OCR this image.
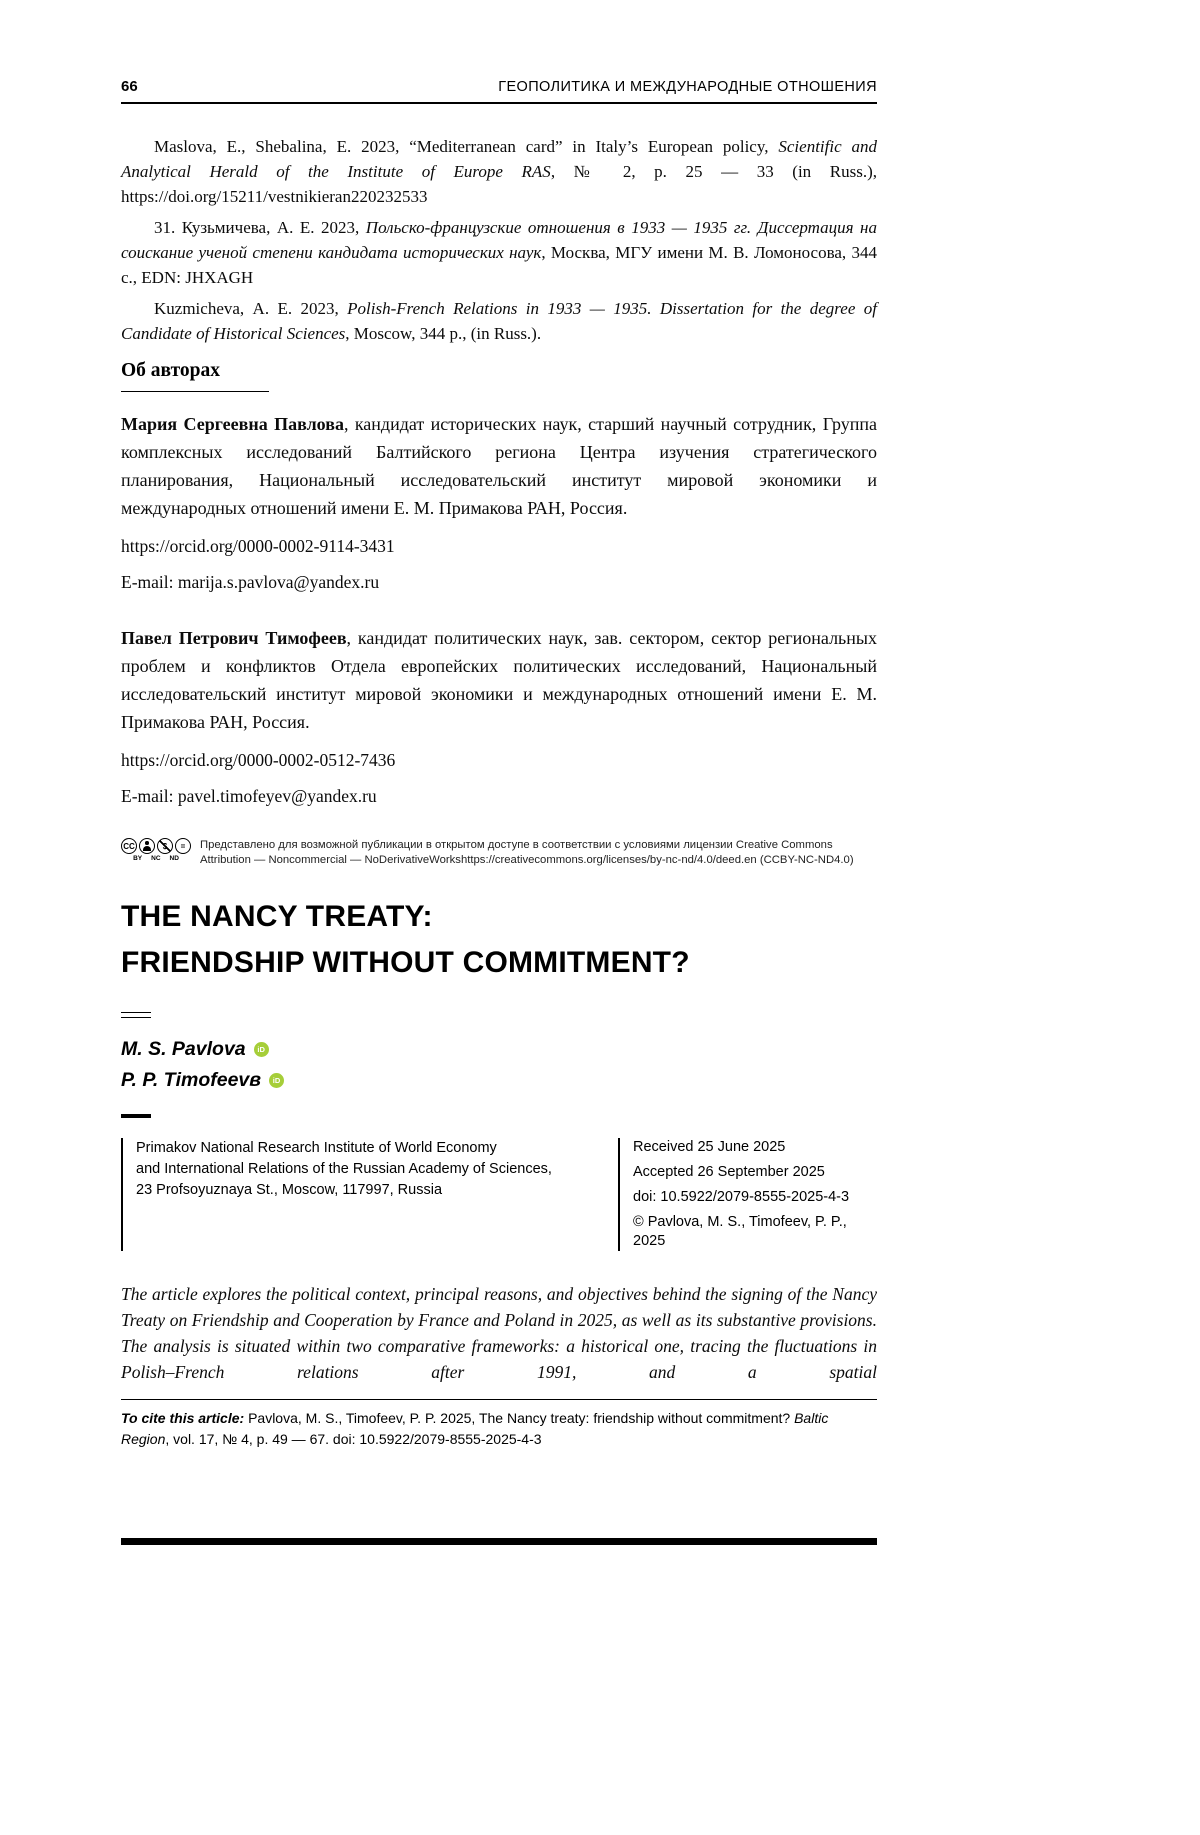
66	ГЕОПОЛИТИКА И МЕЖДУНАРОДНЫЕ ОТНОШЕНИЯ

Maslova, E., Shebalina, E. 2023, “Mediterranean card” in Italy’s European policy, Scientific and Analytical Herald of the Institute of Europe RAS, № 2, p. 25 — 33 (in Russ.), https://doi.org/15211/vestnikieran220232533

31. Кузьмичева, А. Е. 2023, Польско-французские отношения в 1933 — 1935 гг. Диссертация на соискание ученой степени кандидата исторических наук, Москва, МГУ имени М. В. Ломоносова, 344 с., EDN: JHXAGH

Kuzmicheva, А. Е. 2023, Polish-French Relations in 1933 — 1935. Dissertation for the degree of Candidate of Historical Sciences, Moscow, 344 p., (in Russ.).

Об авторах

Мария Сергеевна Павлова, кандидат исторических наук, старший научный сотрудник, Группа комплексных исследований Балтийского региона Центра изучения стратегического планирования, Национальный исследовательский институт мировой экономики и международных отношений имени Е. М. Примакова РАН, Россия.

https://orcid.org/0000-0002-9114-3431

E-mail: marija.s.pavlova@yandex.ru

Павел Петрович Тимофеев, кандидат политических наук, зав. сектором, сектор региональных проблем и конфликтов Отдела европейских политических исследований, Национальный исследовательский институт мировой экономики и международных отношений имени Е. М. Примакова РАН, Россия.

https://orcid.org/0000-0002-0512-7436

E-mail: pavel.timofeyev@yandex.ru

CC	$ =
BY NC ND
Представлено для возможной публикации в открытом доступе в соответствии с условиями лицензии Creative Commons
Attribution — Noncommercial — NoDerivativeWorkshttps://creativecommons.org/licenses/by-nc-nd/4.0/deed.en (CCBY-NC-ND4.0)
THE NANCY TREATY:
FRIENDSHIP WITHOUT COMMITMENT?
M. S. Pavlova iD
P. P. Тimofeevв iD
Primakov National Research Institute of World Economy
and International Relations of the Russian Academy of Sciences,
23 Profsoyuznaya St., Moscow, 117997, Russia
Received 25 June 2025
Accepted 26 September 2025
doi: 10.5922/2079-8555-2025-4-3
© Pavlova, M. S., Timofeev, P. P., 2025

The article explores the political context, principal reasons, and objectives behind the signing of the Nancy Treaty on Friendship and Cooperation by France and Poland in 2025, as well as its substantive provisions. The analysis is situated within two comparative frameworks: a historical one, tracing the fluctuations in Polish–French relations after 1991, and a spatial

To cite this article: Pavlova, M. S., Timofeev, P. P. 2025, The Nancy treaty: friendship without commitment? Baltic Region, vol. 17, № 4, p. 49 — 67. doi: 10.5922/2079-8555-2025-4-3
